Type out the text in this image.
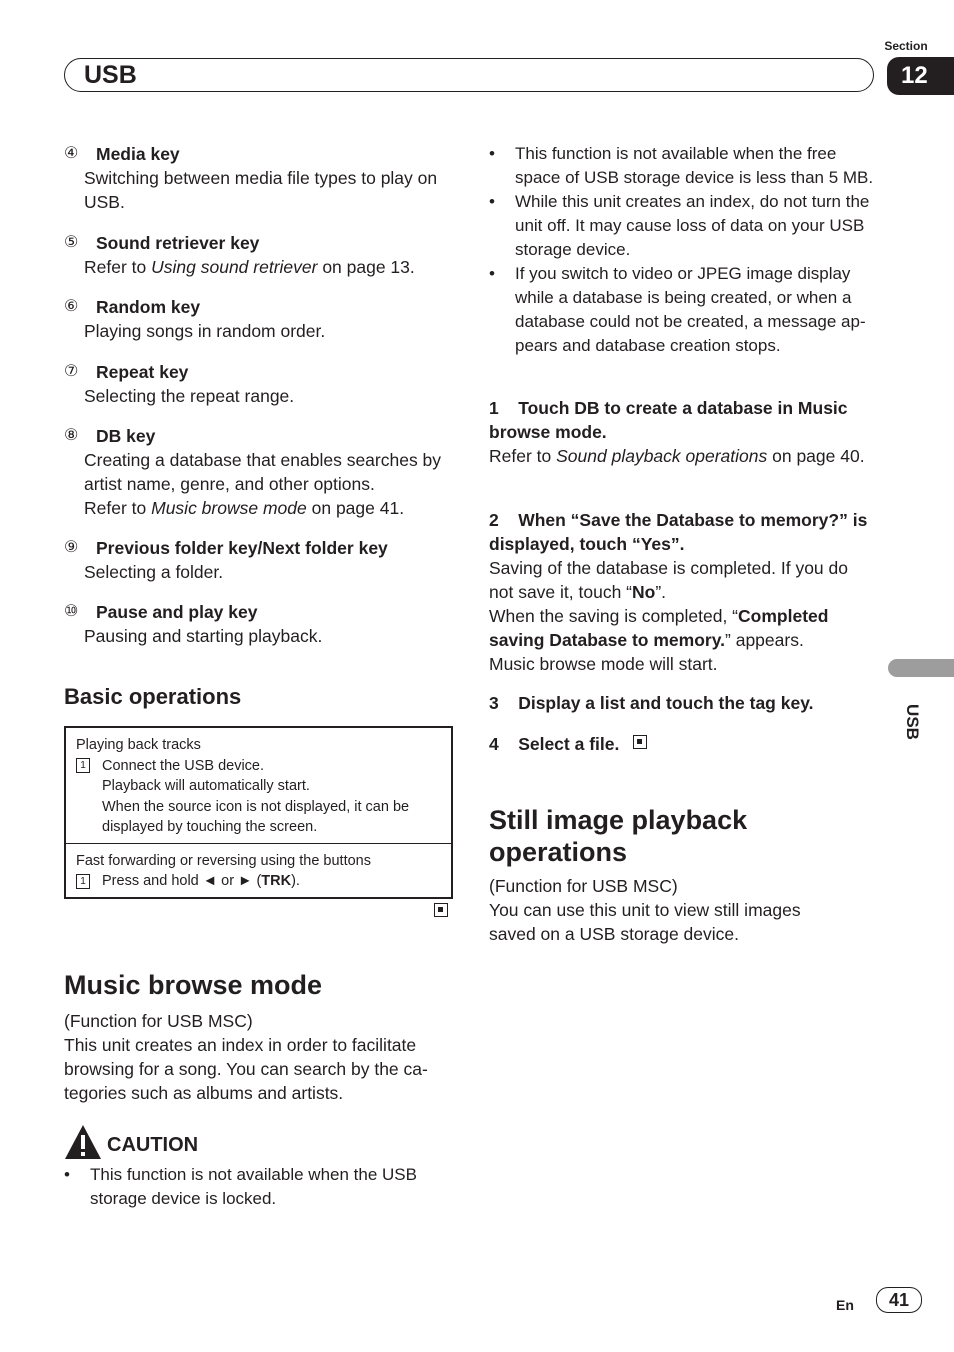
USB
Section
12
USB
④	Media key
Switching between media file types to play on USB.
⑤	Sound retriever key
Refer to Using sound retriever on page 13.
⑥	Random key
Playing songs in random order.
⑦	Repeat key
Selecting the repeat range.
⑧	DB key
Creating a database that enables searches by artist name, genre, and other options.
Refer to Music browse mode on page 41.
⑨	Previous folder key/Next folder key
Selecting a folder.
⑩	Pause and play key
Pausing and starting playback.
Basic operations
Playing back tracks
1 Connect the USB device.
Playback will automatically start.
When the source icon is not displayed, it can be displayed by touching the screen.
Fast forwarding or reversing using the buttons
1 Press and hold ◄ or ► (TRK).
Music browse mode
(Function for USB MSC)
This unit creates an index in order to facilitate browsing for a song. You can search by the ca-tegories such as albums and artists.
CAUTION
•	This function is not available when the USB storage device is locked.
•	This function is not available when the free space of USB storage device is less than 5 MB.
•	While this unit creates an index, do not turn the unit off. It may cause loss of data on your USB storage device.
•	If you switch to video or JPEG image display while a database is being created, or when a database could not be created, a message ap-pears and database creation stops.
1 Touch DB to create a database in Music browse mode.
Refer to Sound playback operations on page 40.
2 When “Save the Database to memory?” is displayed, touch “Yes”.
Saving of the database is completed. If you do not save it, touch “No”.
When the saving is completed, “Completed saving Database to memory.” appears.
Music browse mode will start.
3 Display a list and touch the tag key.
4 Select a file.
Still image playback operations
(Function for USB MSC)
You can use this unit to view still images saved on a USB storage device.
En	41
